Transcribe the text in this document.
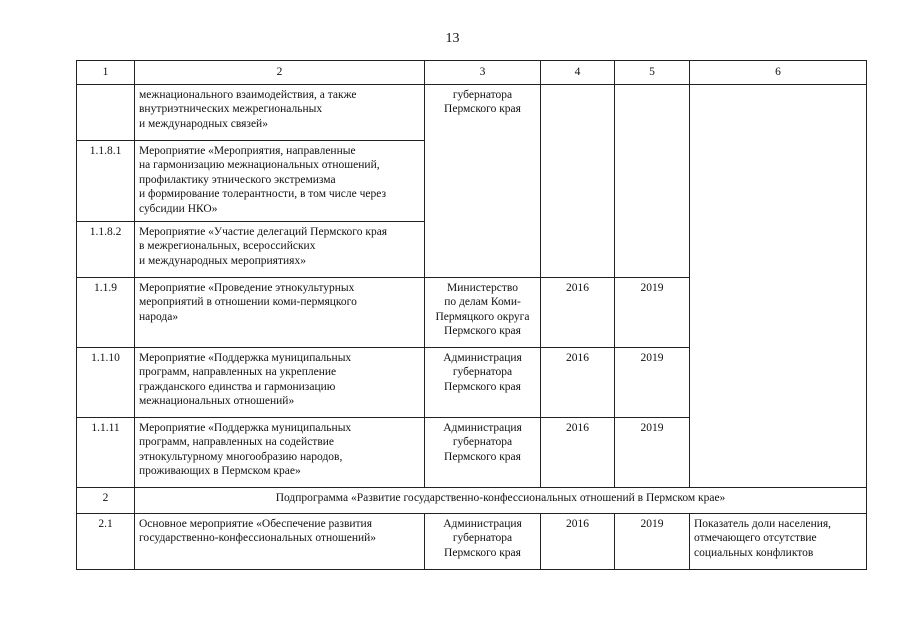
13
1	2	3	4	5	6
	межнационального взаимодействия, а также
внутриэтнических межрегиональных
и международных связей»	губернатора
Пермского края			
1.1.8.1	Мероприятие «Мероприятия, направленные
на гармонизацию межнациональных отношений,
профилактику этнического экстремизма
и формирование толерантности, в том числе через
субсидии НКО»				
1.1.8.2	Мероприятие «Участие делегаций Пермского края
в межрегиональных, всероссийских
и международных мероприятиях»				
1.1.9	Мероприятие «Проведение этнокультурных
мероприятий в отношении коми-пермяцкого
народа»	Министерство
по делам Коми-
Пермяцкого округа
Пермского края	2016	2019	
1.1.10	Мероприятие «Поддержка муниципальных
программ, направленных на укрепление
гражданского единства и гармонизацию
межнациональных отношений»	Администрация
губернатора
Пермского края	2016	2019	
1.1.11	Мероприятие «Поддержка муниципальных
программ, направленных на содействие
этнокультурному многообразию народов,
проживающих в Пермском крае»	Администрация
губернатора
Пермского края	2016	2019	
2	Подпрограмма «Развитие государственно-конфессиональных отношений в Пермском крае»				
2.1	Основное мероприятие «Обеспечение развития
государственно-конфессиональных отношений»	Администрация
губернатора
Пермского края	2016	2019	Показатель доли населения,
отмечающего отсутствие
социальных конфликтов
